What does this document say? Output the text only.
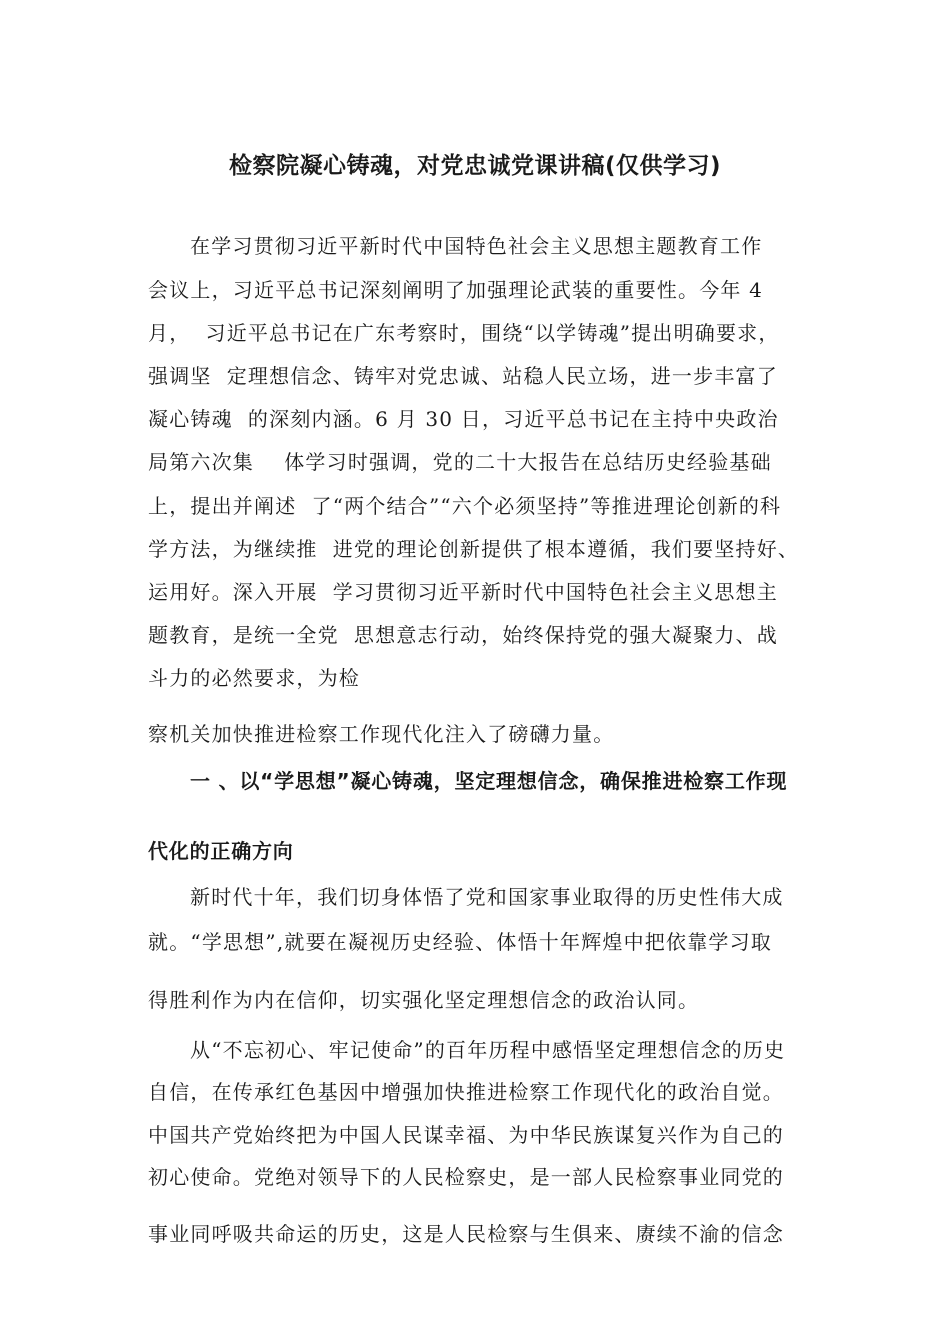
检察院凝心铸魂，对党忠诚党课讲稿(仅供学习)
在学习贯彻习近平新时代中国特色社会主义思想主题教育工作
会议上，习近平总书记深刻阐明了加强理论武装的重要性。今年 4
月，  习近平总书记在广东考察时，围绕“以学铸魂”提出明确要求，
强调坚  定理想信念、铸牢对党忠诚、站稳人民立场，进一步丰富了
凝心铸魂  的深刻内涵。6 月 30 日，习近平总书记在主持中央政治
局第六次集    体学习时强调，党的二十大报告在总结历史经验基础
上，提出并阐述  了“两个结合”“六个必须坚持”等推进理论创新的科
学方法，为继续推  进党的理论创新提供了根本遵循，我们要坚持好、
运用好。深入开展  学习贯彻习近平新时代中国特色社会主义思想主
题教育，是统一全党  思想意志行动，始终保持党的强大凝聚力、战
斗力的必然要求，为检
察机关加快推进检察工作现代化注入了磅礴力量。
一 、以“学思想”凝心铸魂，坚定理想信念，确保推进检察工作现
代化的正确方向
新时代十年，我们切身体悟了党和国家事业取得的历史性伟大成
就。“学思想”,就要在凝视历史经验、体悟十年辉煌中把依靠学习取
得胜利作为内在信仰，切实强化坚定理想信念的政治认同。
从“不忘初心、牢记使命”的百年历程中感悟坚定理想信念的历史
自信，在传承红色基因中增强加快推进检察工作现代化的政治自觉。
中国共产党始终把为中国人民谋幸福、为中华民族谋复兴作为自己的
初心使命。党绝对领导下的人民检察史，是一部人民检察事业同党的
事业同呼吸共命运的历史，这是人民检察与生俱来、赓续不渝的信念
